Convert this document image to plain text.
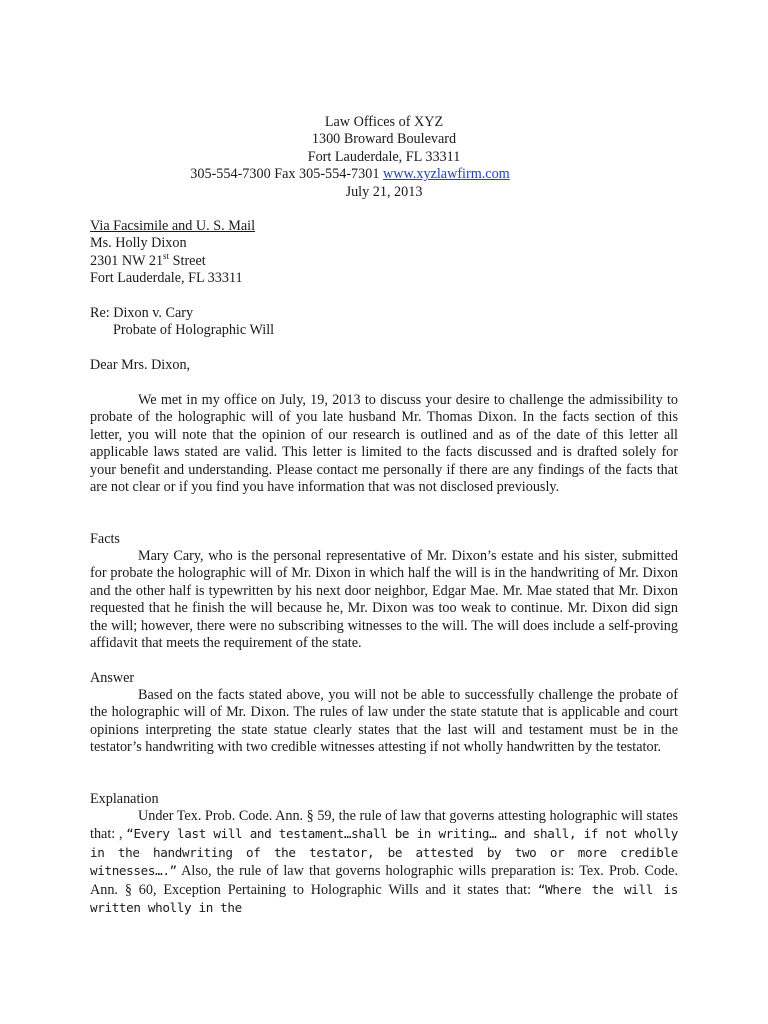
Law Offices of XYZ
1300 Broward Boulevard
Fort Lauderdale, FL 33311
305-554-7300 Fax 305-554-7301 www.xyzlawfirm.com
July 21, 2013
Via Facsimile and U. S. Mail
Ms. Holly Dixon
2301 NW 21st Street
Fort Lauderdale, FL 33311
Re: Dixon v. Cary
Probate of Holographic Will
Dear Mrs. Dixon,
We met in my office on July, 19, 2013 to discuss your desire to challenge the admissibility to probate of the holographic will of you late husband Mr. Thomas Dixon. In the facts section of this letter, you will note that the opinion of our research is outlined and as of the date of this letter all applicable laws stated are valid. This letter is limited to the facts discussed and is drafted solely for your benefit and understanding. Please contact me personally if there are any findings of the facts that are not clear or if you find you have information that was not disclosed previously.
Facts
Mary Cary, who is the personal representative of Mr. Dixon’s estate and his sister, submitted for probate the holographic will of Mr. Dixon in which half the will is in the handwriting of Mr. Dixon and the other half is typewritten by his next door neighbor, Edgar Mae. Mr. Mae stated that Mr. Dixon requested that he finish the will because he, Mr. Dixon was too weak to continue. Mr. Dixon did sign the will; however, there were no subscribing witnesses to the will. The will does include a self-proving affidavit that meets the requirement of the state.
Answer
Based on the facts stated above, you will not be able to successfully challenge the probate of the holographic will of Mr. Dixon. The rules of law under the state statute that is applicable and court opinions interpreting the state statue clearly states that the last will and testament must be in the testator’s handwriting with two credible witnesses attesting if not wholly handwritten by the testator.
Explanation
Under Tex. Prob. Code. Ann. § 59, the rule of law that governs attesting holographic will states that: , “Every last will and testament…shall be in writing… and shall, if not wholly in the handwriting of the testator, be attested by two or more credible witnesses….” Also, the rule of law that governs holographic wills preparation is: Tex. Prob. Code. Ann. § 60, Exception Pertaining to Holographic Wills and it states that: “Where the will is written wholly in the
